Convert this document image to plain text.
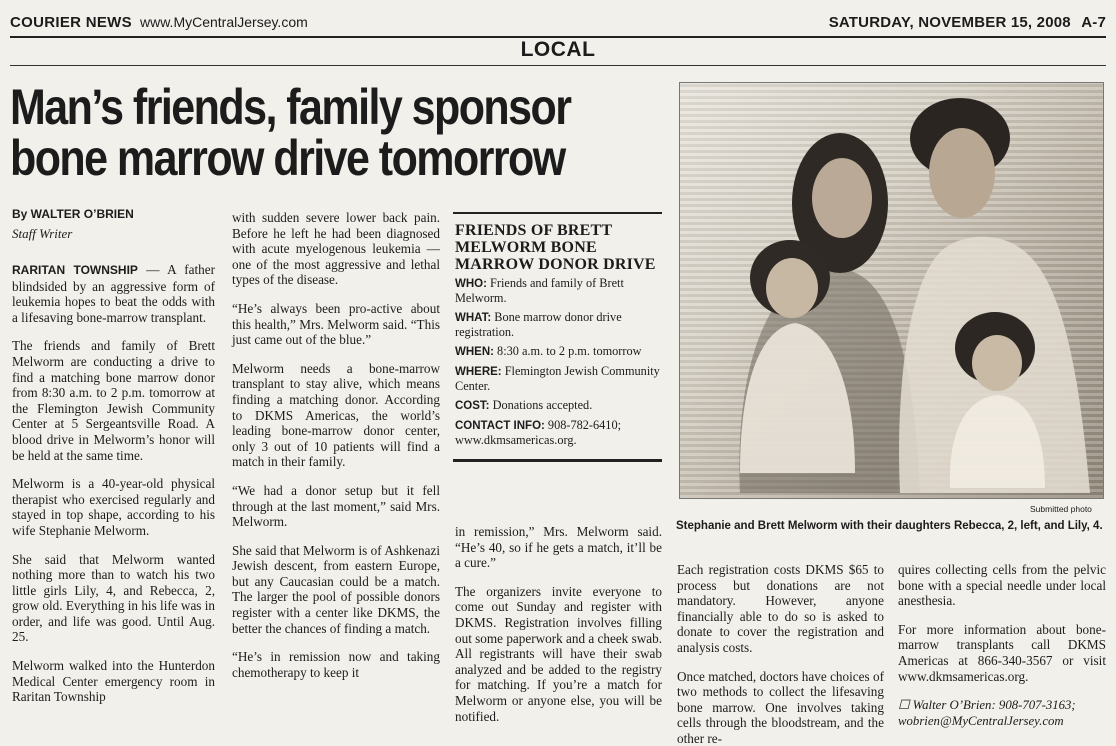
COURIER NEWS www.MyCentralJersey.com	SATURDAY, NOVEMBER 15, 2008 A-7
LOCAL
Man’s friends, family sponsor
bone marrow drive tomorrow
By WALTER O’BRIEN
Staff Writer

RARITAN TOWNSHIP — A father blindsided by an aggressive form of leukemia hopes to beat the odds with a lifesaving bone-marrow transplant.

The friends and family of Brett Melworm are conducting a drive to find a matching bone marrow donor from 8:30 a.m. to 2 p.m. tomorrow at the Flemington Jewish Community Center at 5 Sergeantsville Road. A blood drive in Melworm’s honor will be held at the same time.

Melworm is a 40-year-old physical therapist who exercised regularly and stayed in top shape, according to his wife Stephanie Melworm.

She said that Melworm wanted nothing more than to watch his two little girls Lily, 4, and Rebecca, 2, grow old. Everything in his life was in order, and life was good. Until Aug. 25.

Melworm walked into the Hunterdon Medical Center emergency room in Raritan Township

with sudden severe lower back pain. Before he left he had been diagnosed with acute myelogenous leukemia — one of the most aggressive and lethal types of the disease.

“He’s always been pro-active about this health,” Mrs. Melworm said. “This just came out of the blue.”

Melworm needs a bone-marrow transplant to stay alive, which means finding a matching donor. According to DKMS Americas, the world’s leading bone-marrow donor center, only 3 out of 10 patients will find a match in their family.

“We had a donor setup but it fell through at the last moment,” said Mrs. Melworm.

She said that Melworm is of Ashkenazi Jewish descent, from eastern Europe, but any Caucasian could be a match. The larger the pool of possible donors register with a center like DKMS, the better the chances of finding a match.

“He’s in remission now and taking chemotherapy to keep it

FRIENDS OF BRETT MELWORM BONE MARROW DONOR DRIVE
WHO: Friends and family of Brett Melworm.
WHAT: Bone marrow donor drive registration.
WHEN: 8:30 a.m. to 2 p.m. tomorrow
WHERE: Flemington Jewish Community Center.
COST: Donations accepted.
CONTACT INFO: 908-782-6410; www.dkmsamericas.org.
Submitted photo
Stephanie and Brett Melworm with their daughters Rebecca, 2, left, and Lily, 4.

in remission,” Mrs. Melworm said. “He’s 40, so if he gets a match, it’ll be a cure.”

The organizers invite everyone to come out Sunday and register with DKMS. Registration involves filling out some paperwork and a cheek swab. All registrants will have their swab analyzed and be added to the registry for matching. If you’re a match for Melworm or anyone else, you will be notified.

Each registration costs DKMS $65 to process but donations are not mandatory. However, anyone financially able to do so is asked to donate to cover the registration and analysis costs.

Once matched, doctors have choices of two methods to collect the lifesaving bone marrow. One involves taking cells through the bloodstream, and the other re-

quires collecting cells from the pelvic bone with a special needle under local anesthesia.

For more information about bone-marrow transplants call DKMS Americas at 866-340-3567 or visit www.dkmsamericas.org.

☐ Walter O’Brien: 908-707-3163;
wobrien@MyCentralJersey.com
